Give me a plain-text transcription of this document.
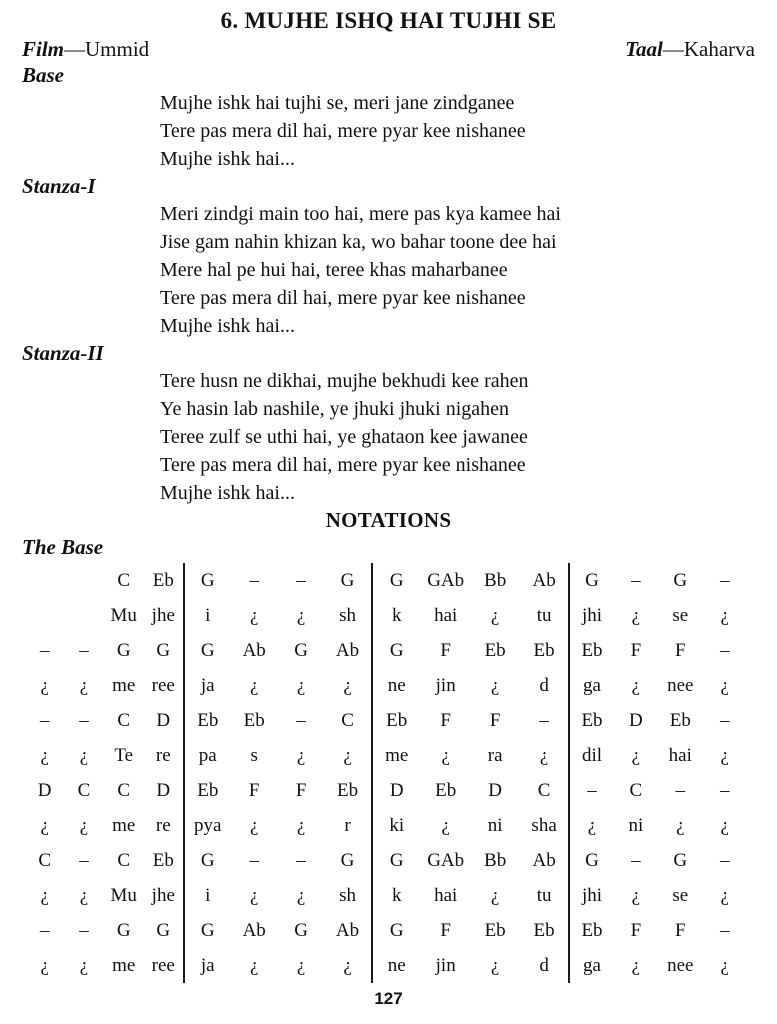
6. MUJHE ISHQ HAI TUJHI SE
Film—Ummid	Taal—Kaharva
Base
Mujhe ishk hai tujhi se, meri jane zindganee
Tere pas mera dil hai, mere pyar kee nishanee
Mujhe ishk hai...
Stanza-I
Meri zindgi main too hai, mere pas kya kamee hai
Jise gam nahin khizan ka, wo bahar toone dee hai
Mere hal pe hui hai, teree khas maharbanee
Tere pas mera dil hai, mere pyar kee nishanee
Mujhe ishk hai...
Stanza-II
Tere husn ne dikhai, mujhe bekhudi kee rahen
Ye hasin lab nashile, ye jhuki jhuki nigahen
Teree zulf se uthi hai, ye ghataon kee jawanee
Tere pas mera dil hai, mere pyar kee nishanee
Mujhe ishk hai...
NOTATIONS
The Base
		C	Eb	G	–	–	G	G	GAb	Bb	Ab	G	–	G	–
		Mu	jhe	i	¿	¿	sh	k	hai	¿	tu	jhi	¿	se	¿
–	–	G	G	G	Ab	G	Ab	G	F	Eb	Eb	Eb	F	F	–
¿	¿	me	ree	ja	¿	¿	¿	ne	jin	¿	d	ga	¿	nee	¿
–	–	C	D	Eb	Eb	–	C	Eb	F	F	–	Eb	D	Eb	–
¿	¿	Te	re	pa	s	¿	¿	me	¿	ra	¿	dil	¿	hai	¿
D	C	C	D	Eb	F	F	Eb	D	Eb	D	C	–	C	–	–
¿	¿	me	re	pya	¿	¿	r	ki	¿	ni	sha	¿	ni	¿	¿
C	–	C	Eb	G	–	–	G	G	GAb	Bb	Ab	G	–	G	–
¿	¿	Mu	jhe	i	¿	¿	sh	k	hai	¿	tu	jhi	¿	se	¿
–	–	G	G	G	Ab	G	Ab	G	F	Eb	Eb	Eb	F	F	–
¿	¿	me	ree	ja	¿	¿	¿	ne	jin	¿	d	ga	¿	nee	¿
127
